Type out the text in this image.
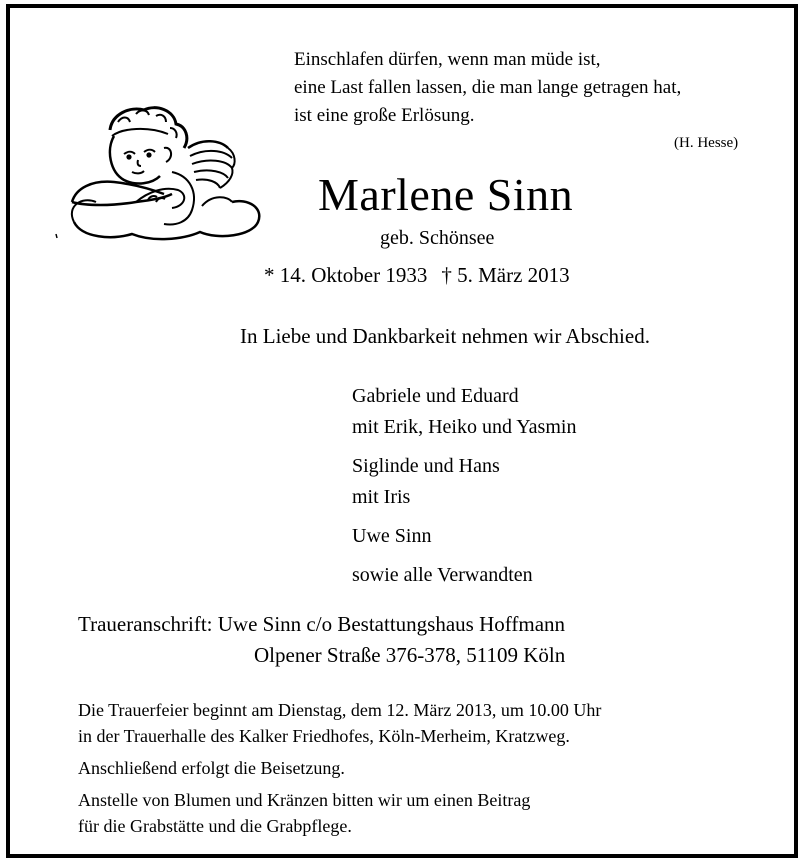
Einschlafen dürfen, wenn man müde ist,
eine Last fallen lassen, die man lange getragen hat,
ist eine große Erlösung.
(H. Hesse)
Marlene Sinn
geb. Schönsee
* 14. Oktober 1933 † 5. März 2013
In Liebe und Dankbarkeit nehmen wir Abschied.
Gabriele und Eduard
mit Erik, Heiko und Yasmin
Siglinde und Hans
mit Iris
Uwe Sinn
sowie alle Verwandten
Traueranschrift: Uwe Sinn c/o Bestattungshaus Hoffmann
Olpener Straße 376-378, 51109 Köln
Die Trauerfeier beginnt am Dienstag, dem 12. März 2013, um 10.00 Uhr
in der Trauerhalle des Kalker Friedhofes, Köln-Merheim, Kratzweg.
Anschließend erfolgt die Beisetzung.
Anstelle von Blumen und Kränzen bitten wir um einen Beitrag
für die Grabstätte und die Grabpflege.
